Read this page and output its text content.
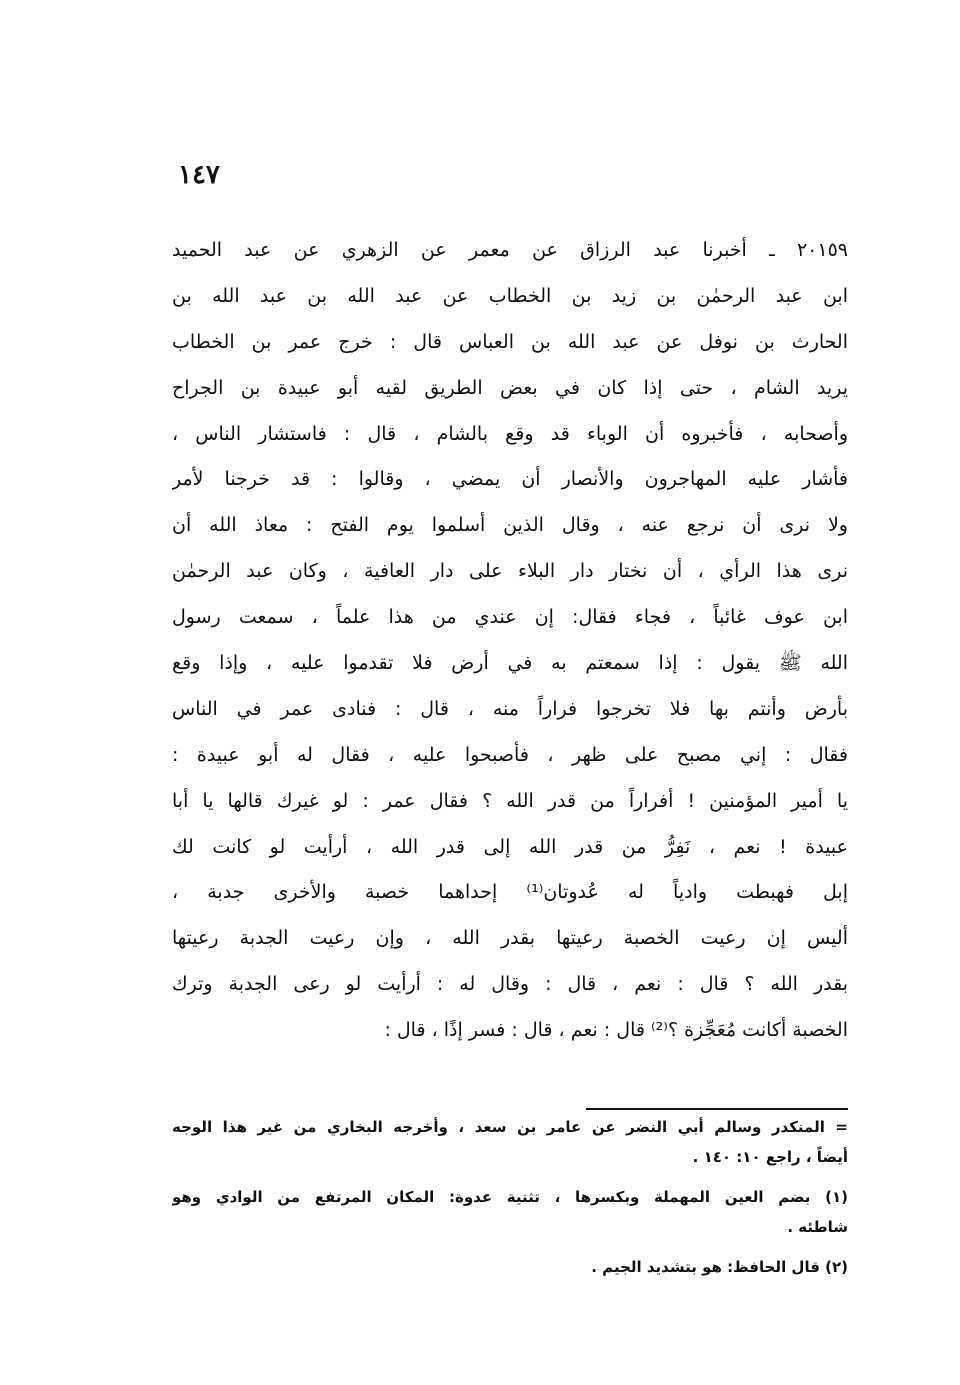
١٤٧
٢٠١٥٩ ـ أخبرنا عبد الرزاق عن معمر عن الزهري عن عبد الحميد
ابن عبد الرحمٰن بن زيد بن الخطاب عن عبد الله بن عبد الله بن
الحارث بن نوفل عن عبد الله بن العباس قال : خرج عمر بن الخطاب
يريد الشام ، حتى إذا كان في بعض الطريق لقيه أبو عبيدة بن الجراح
وأصحابه ، فأخبروه أن الوباء قد وقع بالشام ، قال : فاستشار الناس ،
فأشار عليه المهاجرون والأنصار أن يمضي ، وقالوا : قد خرجنا لأمر
ولا نرى أن نرجع عنه ، وقال الذين أسلموا يوم الفتح : معاذ الله أن
نرى هذا الرأي ، أن نختار دار البلاء على دار العافية ، وكان عبد الرحمٰن
ابن عوف غائباً ، فجاء فقال: إن عندي من هذا علماً ، سمعت رسول
الله ﷺ يقول : إذا سمعتم به في أرض فلا تقدموا عليه ، وإذا وقع
بأرض وأنتم بها فلا تخرجوا فراراً منه ، قال : فنادى عمر في الناس
فقال : إني مصبح على ظهر ، فأصبحوا عليه ، فقال له أبو عبيدة :
يا أمير المؤمنين ! أفراراً من قدر الله ؟ فقال عمر : لو غيرك قالها يا أبا
عبيدة ! نعم ، نَفِرُّ من قدر الله إلى قدر الله ، أرأيت لو كانت لك
إبل فهبطت وادياً له عُدوتان⁽¹⁾ إحداهما خصبة والأخرى جدبة ،
أليس إن رعيت الخصبة رعيتها بقدر الله ، وإن رعيت الجدبة رعيتها
بقدر الله ؟ قال : نعم ، قال : وقال له : أرأيت لو رعى الجدبة وترك
الخصبة أكانت مُعَجِّزة ؟⁽²⁾ قال : نعم ، قال : فسر إذًا ، قال :
= المنكدر وسالم أبي النضر عن عامر بن سعد ، وأخرجه البخاري من غير هذا الوجه
أيضاً ، راجع ١٠: ١٤٠ .
(١) بضم العين المهملة وبكسرها ، تثنية عدوة: المكان المرتفع من الوادي وهو
شاطئه .
(٢) قال الحافظ: هو بتشديد الجيم .
